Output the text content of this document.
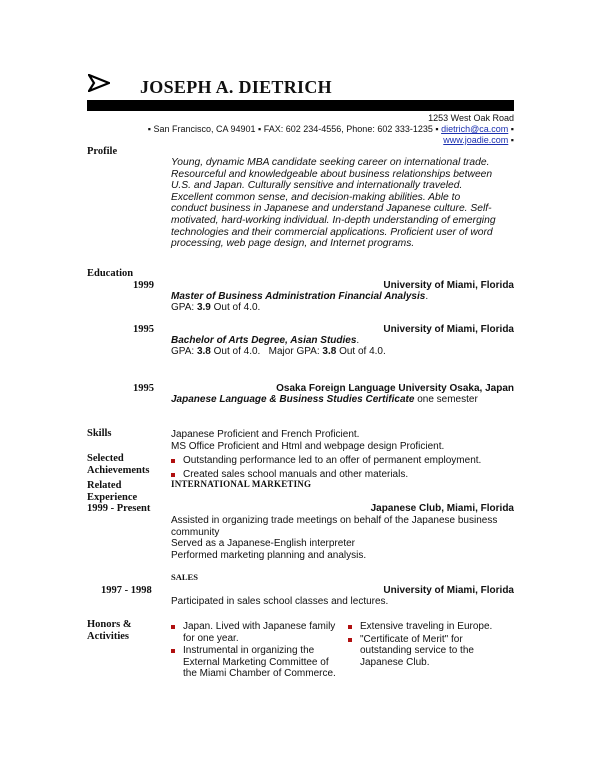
JOSEPH A. DIETRICH
1253 West Oak Road
▪ San Francisco, CA 94901 ▪ FAX: 602 234-4556, Phone: 602 333-1235 ▪ dietrich@ca.com ▪
www.joadie.com ▪
Profile
Young, dynamic MBA candidate seeking career on international trade.
Resourceful and knowledgeable about business relationships between
U.S. and Japan. Culturally sensitive and internationally traveled.
Excellent common sense, and decision-making abilities. Able to
conduct business in Japanese and understand Japanese culture. Self-
motivated, hard-working individual. In-depth understanding of emerging
technologies and their commercial applications. Proficient user of word
processing, web page design, and Internet programs.
Education
1999	University of Miami, Florida
Master of Business Administration Financial Analysis.
GPA: 3.9 Out of 4.0.
1995	University of Miami, Florida
Bachelor of Arts Degree, Asian Studies.
GPA: 3.8 Out of 4.0.   Major GPA: 3.8 Out of 4.0.
1995	Osaka Foreign Language University Osaka, Japan
Japanese Language & Business Studies Certificate one semester
Skills	Japanese Proficient and French Proficient.
MS Office Proficient and Html and webpage design Proficient.
Selected
Achievements
Outstanding performance led to an offer of permanent employment.
Created sales school manuals and other materials.
Related
Experience
INTERNATIONAL MARKETING
1999 - Present	Japanese Club, Miami, Florida
Assisted in organizing trade meetings on behalf of the Japanese business
community
Served as a Japanese-English interpreter
Performed marketing planning and analysis.
SALES
1997 - 1998	University of Miami, Florida
Participated in sales school classes and lectures.
Honors &
Activities
Japan. Lived with Japanese family
for one year.
Instrumental in organizing the
External Marketing Committee of
the Miami Chamber of Commerce.
Extensive traveling in Europe.
"Certificate of Merit" for
outstanding service to the
Japanese Club.
